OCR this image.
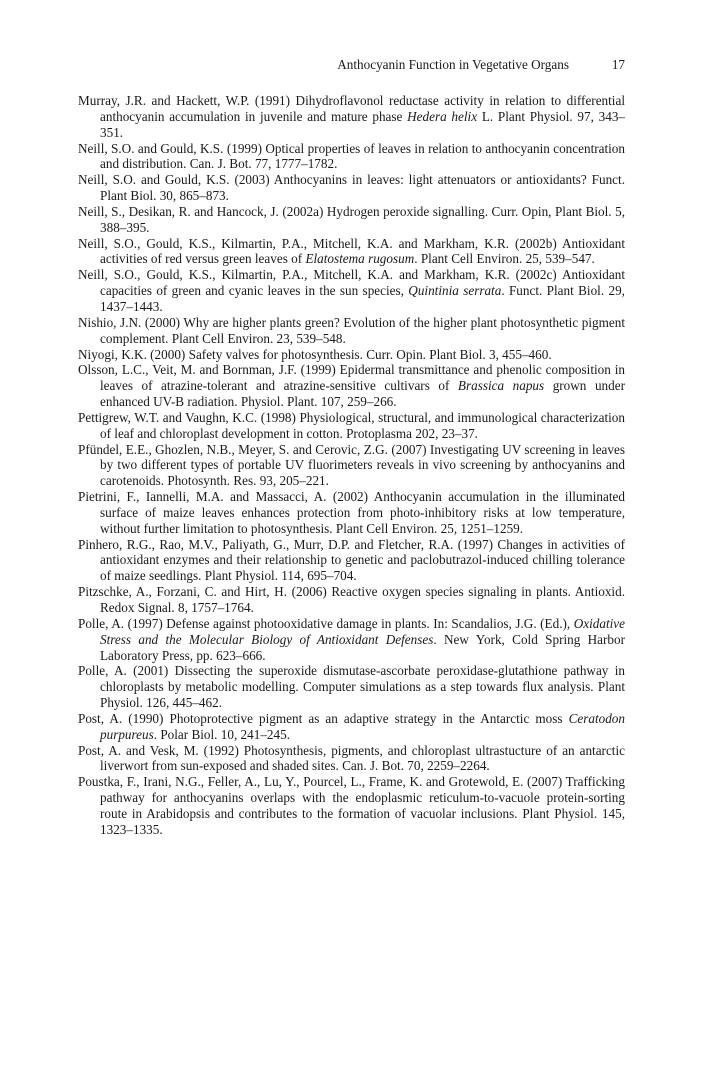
Anthocyanin Function in Vegetative Organs	17
Murray, J.R. and Hackett, W.P. (1991) Dihydroflavonol reductase activity in relation to differential anthocyanin accumulation in juvenile and mature phase Hedera helix L. Plant Physiol. 97, 343–351.
Neill, S.O. and Gould, K.S. (1999) Optical properties of leaves in relation to anthocyanin concentration and distribution. Can. J. Bot. 77, 1777–1782.
Neill, S.O. and Gould, K.S. (2003) Anthocyanins in leaves: light attenuators or antioxidants? Funct. Plant Biol. 30, 865–873.
Neill, S., Desikan, R. and Hancock, J. (2002a) Hydrogen peroxide signalling. Curr. Opin, Plant Biol. 5, 388–395.
Neill, S.O., Gould, K.S., Kilmartin, P.A., Mitchell, K.A. and Markham, K.R. (2002b) Antioxidant activities of red versus green leaves of Elatostema rugosum. Plant Cell Environ. 25, 539–547.
Neill, S.O., Gould, K.S., Kilmartin, P.A., Mitchell, K.A. and Markham, K.R. (2002c) Antioxidant capacities of green and cyanic leaves in the sun species, Quintinia serrata. Funct. Plant Biol. 29, 1437–1443.
Nishio, J.N. (2000) Why are higher plants green? Evolution of the higher plant photosynthetic pigment complement. Plant Cell Environ. 23, 539–548.
Niyogi, K.K. (2000) Safety valves for photosynthesis. Curr. Opin. Plant Biol. 3, 455–460.
Olsson, L.C., Veit, M. and Bornman, J.F. (1999) Epidermal transmittance and phenolic composition in leaves of atrazine-tolerant and atrazine-sensitive cultivars of Brassica napus grown under enhanced UV-B radiation. Physiol. Plant. 107, 259–266.
Pettigrew, W.T. and Vaughn, K.C. (1998) Physiological, structural, and immunological characterization of leaf and chloroplast development in cotton. Protoplasma 202, 23–37.
Pfündel, E.E., Ghozlen, N.B., Meyer, S. and Cerovic, Z.G. (2007) Investigating UV screening in leaves by two different types of portable UV fluorimeters reveals in vivo screening by anthocyanins and carotenoids. Photosynth. Res. 93, 205–221.
Pietrini, F., Iannelli, M.A. and Massacci, A. (2002) Anthocyanin accumulation in the illuminated surface of maize leaves enhances protection from photo-inhibitory risks at low temperature, without further limitation to photosynthesis. Plant Cell Environ. 25, 1251–1259.
Pinhero, R.G., Rao, M.V., Paliyath, G., Murr, D.P. and Fletcher, R.A. (1997) Changes in activities of antioxidant enzymes and their relationship to genetic and paclobutrazol-induced chilling tolerance of maize seedlings. Plant Physiol. 114, 695–704.
Pitzschke, A., Forzani, C. and Hirt, H. (2006) Reactive oxygen species signaling in plants. Antioxid. Redox Signal. 8, 1757–1764.
Polle, A. (1997) Defense against photooxidative damage in plants. In: Scandalios, J.G. (Ed.), Oxidative Stress and the Molecular Biology of Antioxidant Defenses. New York, Cold Spring Harbor Laboratory Press, pp. 623–666.
Polle, A. (2001) Dissecting the superoxide dismutase-ascorbate peroxidase-glutathione pathway in chloroplasts by metabolic modelling. Computer simulations as a step towards flux analysis. Plant Physiol. 126, 445–462.
Post, A. (1990) Photoprotective pigment as an adaptive strategy in the Antarctic moss Ceratodon purpureus. Polar Biol. 10, 241–245.
Post, A. and Vesk, M. (1992) Photosynthesis, pigments, and chloroplast ultrastucture of an antarctic liverwort from sun-exposed and shaded sites. Can. J. Bot. 70, 2259–2264.
Poustka, F., Irani, N.G., Feller, A., Lu, Y., Pourcel, L., Frame, K. and Grotewold, E. (2007) Trafficking pathway for anthocyanins overlaps with the endoplasmic reticulum-to-vacuole protein-sorting route in Arabidopsis and contributes to the formation of vacuolar inclusions. Plant Physiol. 145, 1323–1335.
